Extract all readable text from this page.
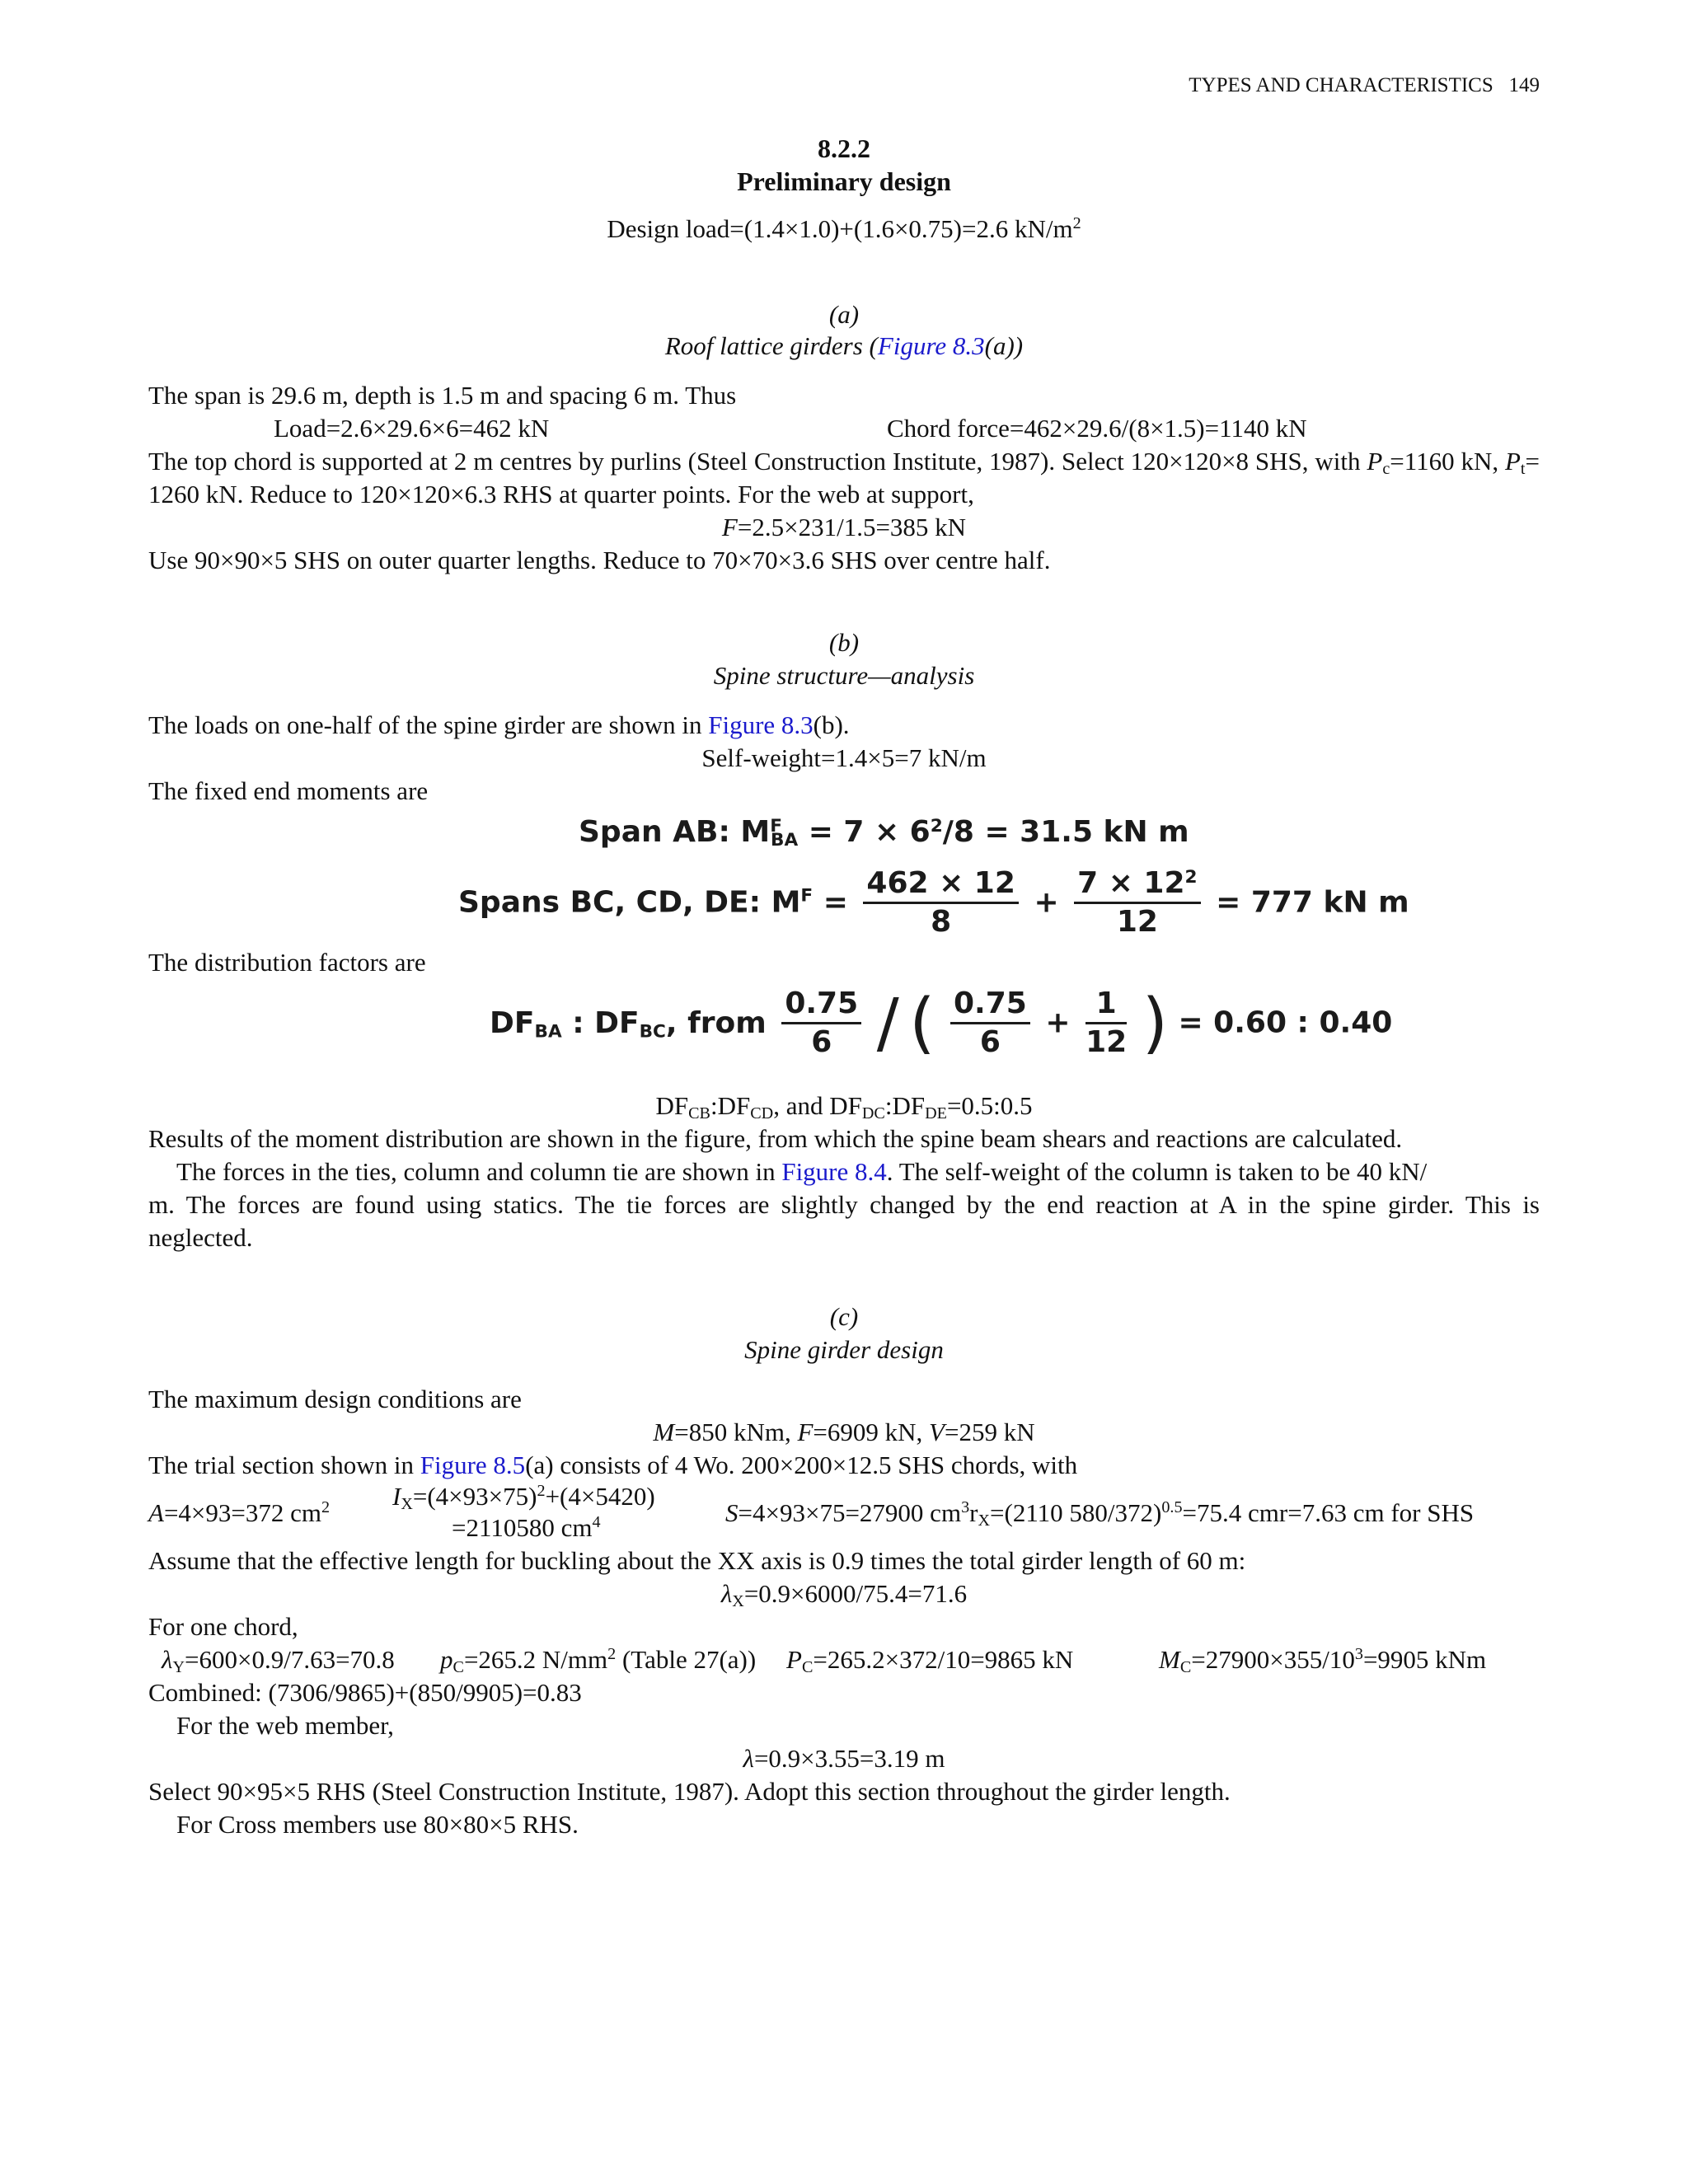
TYPES AND CHARACTERISTICS 149
8.2.2
Preliminary design
Design load=(1.4×1.0)+(1.6×0.75)=2.6 $kN/m^2$
(a)
Roof lattice girders (Figure 8.3(a))
The span is 29.6 m, depth is 1.5 m and spacing 6 m. Thus
Load=2.6×29.6×6=462 kN	Chord force=462×29.6/(8×1.5)=1140 kN
The top chord is supported at 2 m centres by purlins (Steel Construction Institute, 1987). Select 120×120×8 SHS, with $P_c=1160$ kN, $P_t= 1260$ kN. Reduce to 120×120×6.3 RHS at quarter points. For the web at support,
F=2.5×231/1.5=385 kN
Use 90×90×5 SHS on outer quarter lengths. Reduce to 70×70×3.6 SHS over centre half.
(b)
Spine structure—analysis
The loads on one-half of the spine girder are shown in Figure 8.3(b).
Self-weight=1.4×5=7 kN/m
The fixed end moments are
Span AB: $M^F_{BA} = 7 \times 6^2/8 = 31.5$ kN m
Spans BC, CD, DE: $M^F = \frac{462 \times 12}{8} + \frac{7 \times 12^2}{12} = 777$ kN m
The distribution factors are
$DF_{BA}$ : $DF_{BC}$, from $\frac{0.75}{6}$ / ( $\frac{0.75}{6} + \frac{1}{12}$ ) = 0.60 : 0.40
$DF_{CB}:DF_{CD}$, and $DF_{DC}:DF_{DE}=0.5:0.5$
Results of the moment distribution are shown in the figure, from which the spine beam shears and reactions are calculated.
The forces in the ties, column and column tie are shown in Figure 8.4. The self-weight of the column is taken to be 40 kN/
m. The forces are found using statics. The tie forces are slightly changed by the end reaction at A in the spine girder. This is
neglected.
(c)
Spine girder design
The maximum design conditions are
M=850 kNm, F=6909 kN, V=259 kN
The trial section shown in Figure 8.5(a) consists of 4 Wo. 200×200×12.5 SHS chords, with
A=4×93=372 $cm^2$ $I_X=(4\times 93\times 75)^2+(4\times 5420)$
=2110580 $cm^4$	S=4×93×75=27900 $cm^3r_X=(2110$ 580/372)$^{0.5}$=75.4 cmr=7.63 cm for SHS
Assume that the effective length for buckling about the XX axis is 0.9 times the total girder length of 60 m:
$\lambda_X=0.9\times 6000/75.4=71.6$
For one chord,
$\lambda_Y=600\times 0.9/7.63=70.8$ $p_C=265.2$ $N/mm^2$ (Table 27(a)) $P_C=265.2\times 372/10=9865$ kN	$M_C=27900\times 355/10^3=9905$ kNm
Combined: (7306/9865)+(850/9905)=0.83
For the web member,
λ=0.9×3.55=3.19 m
Select 90×95×5 RHS (Steel Construction Institute, 1987). Adopt this section throughout the girder length.
For Cross members use 80×80×5 RHS.
